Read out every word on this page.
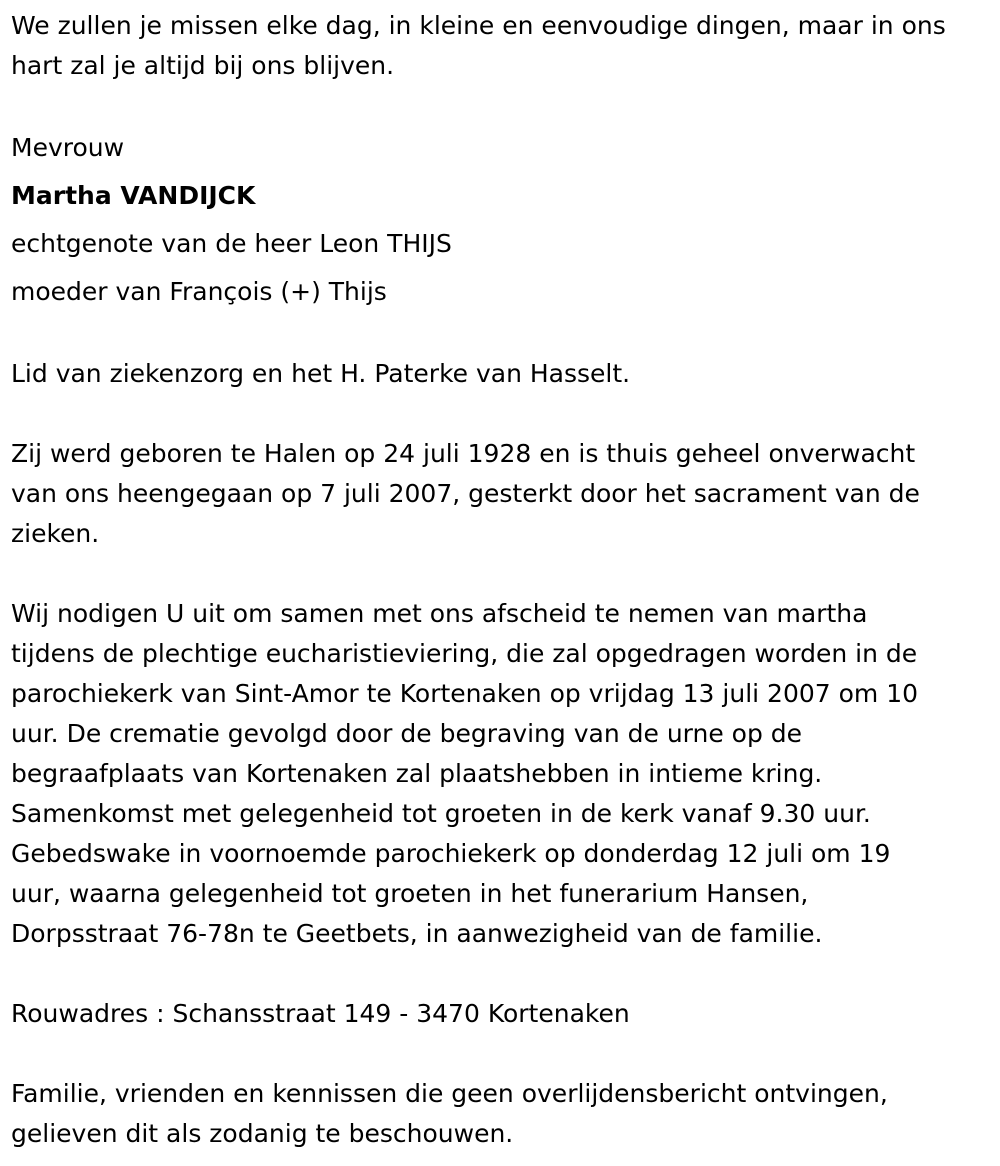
We zullen je missen elke dag, in kleine en eenvoudige dingen, maar in ons
hart zal je altijd bij ons blijven.

Mevrouw

Martha VANDIJCK

echtgenote van de heer Leon THIJS

moeder van François (+) Thijs

Lid van ziekenzorg en het H. Paterke van Hasselt.

Zij werd geboren te Halen op 24 juli 1928 en is thuis geheel onverwacht
van ons heengegaan op 7 juli 2007, gesterkt door het sacrament van de
zieken.

Wij nodigen U uit om samen met ons afscheid te nemen van martha
tijdens de plechtige eucharistieviering, die zal opgedragen worden in de
parochiekerk van Sint-Amor te Kortenaken op vrijdag 13 juli 2007 om 10
uur. De crematie gevolgd door de begraving van de urne op de
begraafplaats van Kortenaken zal plaatshebben in intieme kring.
Samenkomst met gelegenheid tot groeten in de kerk vanaf 9.30 uur.
Gebedswake in voornoemde parochiekerk op donderdag 12 juli om 19
uur, waarna gelegenheid tot groeten in het funerarium Hansen,
Dorpsstraat 76-78n te Geetbets, in aanwezigheid van de familie.

Rouwadres : Schansstraat 149 - 3470 Kortenaken

Familie, vrienden en kennissen die geen overlijdensbericht ontvingen,
gelieven dit als zodanig te beschouwen.
